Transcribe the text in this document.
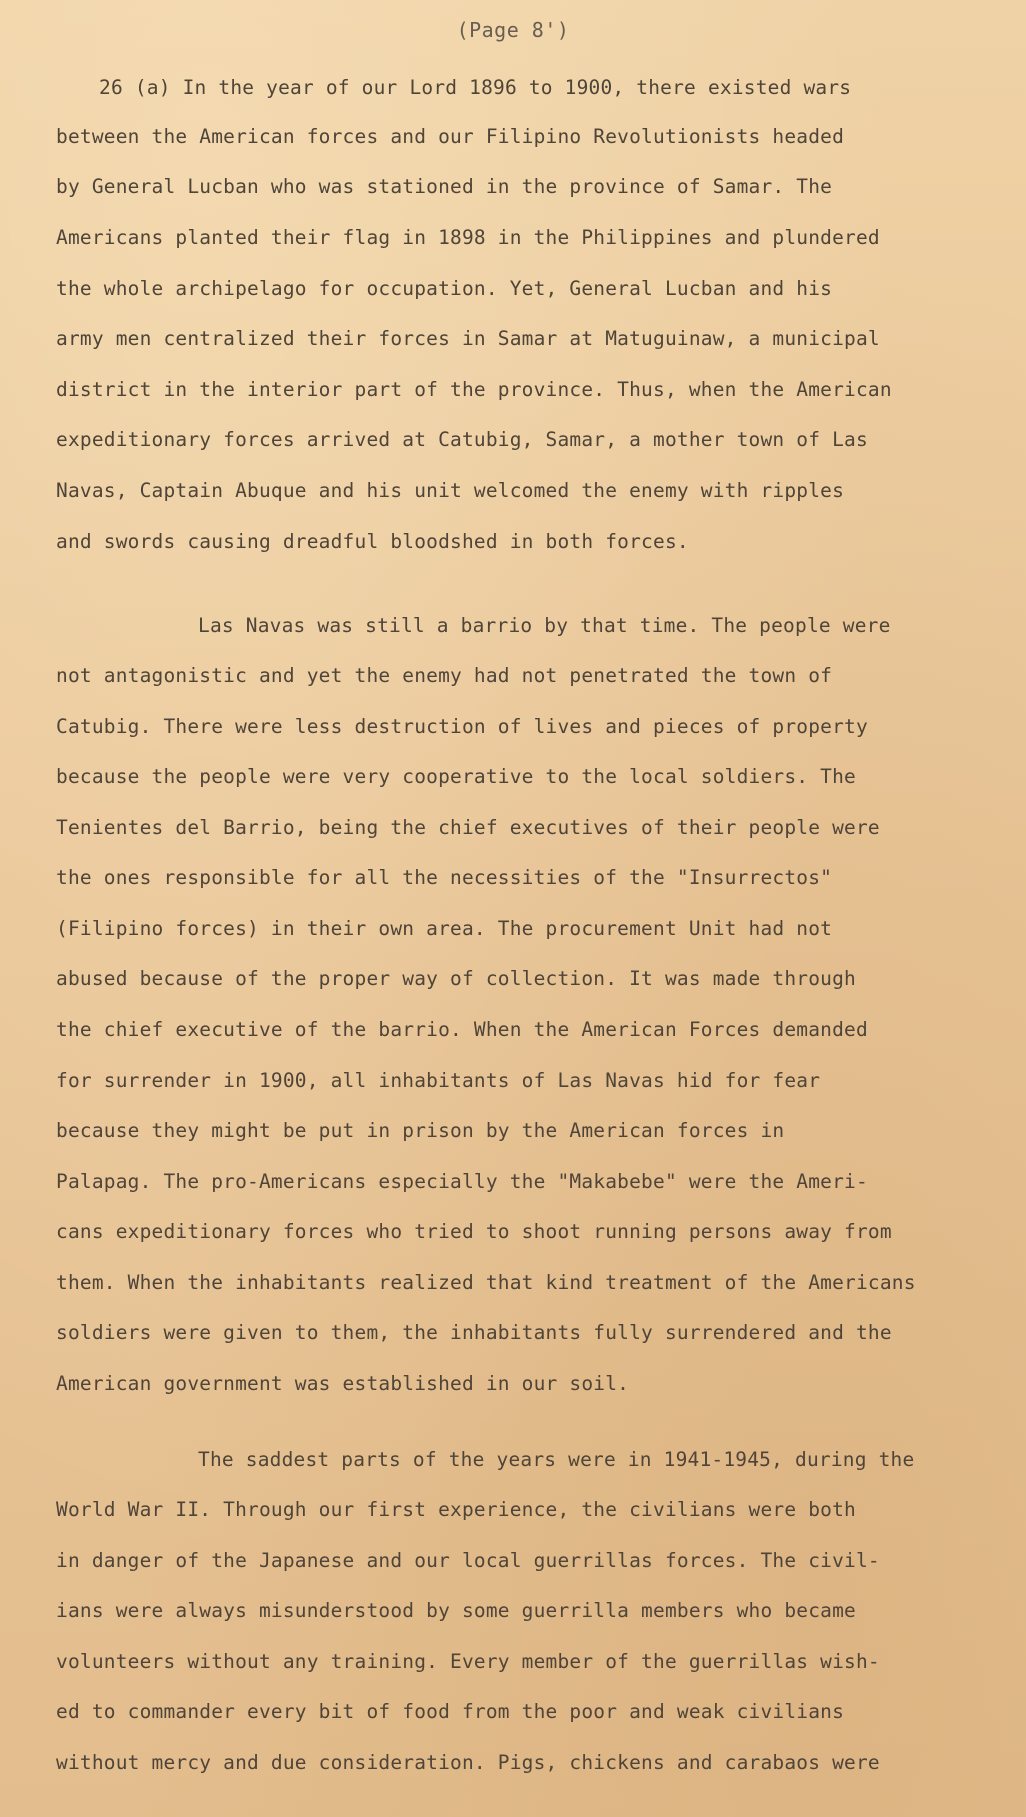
(Page 8')
26 (a) In the year of our Lord 1896 to 1900, there existed wars
between the American forces and our Filipino Revolutionists headed
by General Lucban who was stationed in the province of Samar. The
Americans planted their flag in 1898 in the Philippines and plundered
the whole archipelago for occupation. Yet, General Lucban and his
army men centralized their forces in Samar at Matuguinaw, a municipal
district in the interior part of the province. Thus, when the American
expeditionary forces arrived at Catubig, Samar, a mother town of Las
Navas, Captain Abuque and his unit welcomed the enemy with ripples
and swords causing dreadful bloodshed in both forces.
Las Navas was still a barrio by that time. The people were
not antagonistic and yet the enemy had not penetrated the town of
Catubig. There were less destruction of lives and pieces of property
because the people were very cooperative to the local soldiers. The
Tenientes del Barrio, being the chief executives of their people were
the ones responsible for all the necessities of the "Insurrectos"
(Filipino forces) in their own area. The procurement Unit had not
abused because of the proper way of collection. It was made through
the chief executive of the barrio. When the American Forces demanded
for surrender in 1900, all inhabitants of Las Navas hid for fear
because they might be put in prison by the American forces in
Palapag. The pro-Americans especially the "Makabebe" were the Ameri-
cans expeditionary forces who tried to shoot running persons away from
them. When the inhabitants realized that kind treatment of the Americans
soldiers were given to them, the inhabitants fully surrendered and the
American government was established in our soil.
The saddest parts of the years were in 1941-1945, during the
World War II. Through our first experience, the civilians were both
in danger of the Japanese and our local guerrillas forces. The civil-
ians were always misunderstood by some guerrilla members who became
volunteers without any training. Every member of the guerrillas wish-
ed to commander every bit of food from the poor and weak civilians
without mercy and due consideration. Pigs, chickens and carabaos were
